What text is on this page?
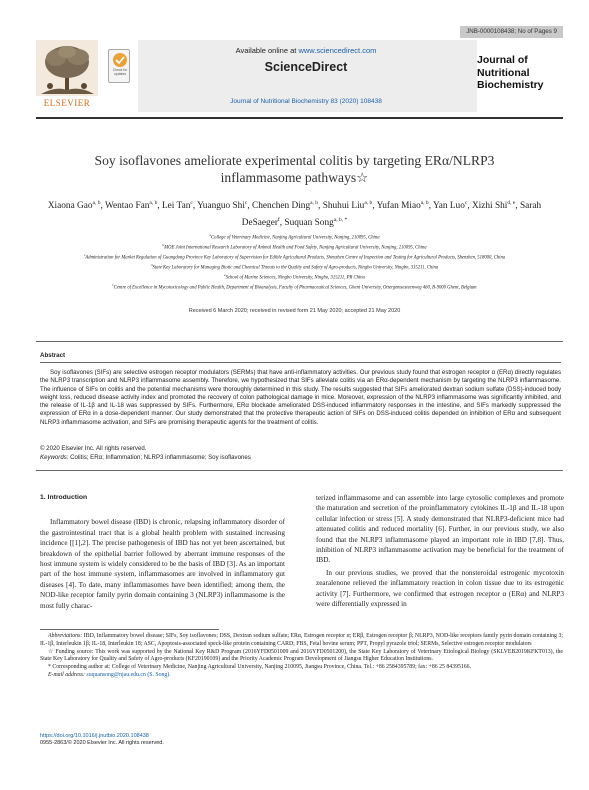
JNB-0000108438; No of Pages 9
ELSEVIER
Check for updates
Available online at www.sciencedirect.com
ScienceDirect
Journal of Nutritional Biochemistry 83 (2020) 108438
Journal of
Nutritional
Biochemistry
Soy isoflavones ameliorate experimental colitis by targeting ERα/NLRP3
inflammasome pathways☆
Xiaona Gao$^{a, b}$, Wentao Fan$^{a, b}$, Lei Tan$^c$, Yuanguo Shi$^c$, Chenchen Ding$^{a, b}$, Shuhui Liu$^{a, b}$, Yufan Miao$^{a, b}$, Yan Luo$^c$, Xizhi Shi$^{d, e}$, Sarah DeSaeger$^f$, Suquan Song$^{a, b, *}$
$^a$College of Veterinary Medicine, Nanjing Agricultural University, Nanjing, 210095, China
$^b$MOE Joint International Research Laboratory of Animal Health and Food Safety, Nanjing Agricultural University, Nanjing, 210095, China
$^c$Administration for Market Regulation of Guangdong Province Key Laboratory of Supervision for Edible Agricultural Products, Shenzhen Centre of Inspection and Testing for Agricultural Products, Shenzhen, 518000, China
$^d$State Key Laboratory for Managing Biotic and Chemical Threats to the Quality and Safety of Agro-products, Ningbo University, Ningbo, 315211, China
$^e$School of Marine Sciences, Ningbo University, Ningbo, 315211, PR China
$^f$Centre of Excellence in Mycotoxicology and Public Health, Department of Bioanalysis, Faculty of Pharmaceutical Sciences, Ghent University, Ottergemsesteenweg 460, B-9000 Ghent, Belgium
Received 6 March 2020; received in revised form 21 May 2020; accepted 21 May 2020
Abstract
Soy isoflavones (SIFs) are selective estrogen receptor modulators (SERMs) that have anti-inflammatory activities. Our previous study found that estrogen receptor α (ERα) directly regulates the NLRP3 transcription and NLRP3 inflammasome assembly. Therefore, we hypothesized that SIFs alleviate colitis via an ERα-dependent mechanism by targeting the NLRP3 inflammasome. The influence of SIFs on colitis and the potential mechanisms were thoroughly determined in this study. The results suggested that SIFs ameliorated dextran sodium sulfate (DSS)-induced body weight loss, reduced disease activity index and promoted the recovery of colon pathological damage in mice. Moreover, expression of the NLRP3 inflammasome was significantly inhibited, and the release of IL-1β and IL-18 was suppressed by SIFs. Furthermore, ERα blockade ameliorated DSS-induced inflammatory responses in the intestine, and SIFs markedly suppressed the expression of ERα in a dose-dependent manner. Our study demonstrated that the protective therapeutic action of SIFs on DSS-induced colitis depended on inhibition of ERα and subsequent NLRP3 inflammasome activation, and SIFs are promising therapeutic agents for the treatment of colitis.
© 2020 Elsevier Inc. All rights reserved.
Keywords: Colitis; ERα; Inflammation; NLRP3 inflammasome; Soy isoflavones
1. Introduction

Inflammatory bowel disease (IBD) is chronic, relapsing inflammatory disorder of the gastrointestinal tract that is a global health problem with sustained increasing incidence [[1],2]. The precise pathogenesis of IBD has not yet been ascertained, but breakdown of the epithelial barrier followed by aberrant immune responses of the host immune system is widely considered to be the basis of IBD [3]. As an important part of the host immune system, inflammasomes are involved in inflammatory gut diseases [4]. To date, many inflammasomes have been identified; among them, the NOD-like receptor family pyrin domain containing 3 (NLRP3) inflammasome is the most fully charac-

terized inflammasome and can assemble into large cytosolic complexes and promote the maturation and secretion of the proinflammatory cytokines IL-1β and IL-18 upon cellular infection or stress [5]. A study demonstrated that NLRP3-deficient mice had attenuated colitis and reduced mortality [6]. Further, in our previous study, we also found that the NLRP3 inflammasome played an important role in IBD [7,8]. Thus, inhibition of NLRP3 inflammasome activation may be beneficial for the treatment of IBD.

In our previous studies, we proved that the nonsteroidal estrogenic mycotoxin zearalenone relieved the inflammatory reaction in colon tissue due to its estrogenic activity [7]. Furthermore, we confirmed that estrogen receptor α (ERα) and NLRP3 were differentially expressed in

Abbreviations: IBD, Inflammatory bowel disease; SIFs, Soy isoflavones; DSS, Dextran sodium sulfate; ERα, Estrogen receptor α; ERβ, Estrogen receptor β; NLRP3, NOD-like receptors family pyrin domain containing 3; IL-1β, Interleukin 1β; IL-18, Interleukin 18; ASC, Apoptosis-associated speck-like protein containing CARD; FBS, Fetal bovine serum; PPT, Propyl pyrazole triol; SERMs, Selective estrogen receptor modulators

☆ Funding source: This work was supported by the National Key R&D Program (2016YFD0501009 and 2016YFD0501200), the State Key Laboratory of Veterinary Etiological Biology (SKLVEB2019KFKT013), the State Key Laboratory for Quality and Safety of Agro-products (KF20190109) and the Priority Academic Program Development of Jiangsu Higher Education Institutions.

* Corresponding author at: College of Veterinary Medicine, Nanjing Agricultural University, Nanjing 210095, Jiangsu Province, China. Tel.: +86 2584395789; fax: +86 25 84395166.

E-mail address: suquansong@njau.edu.cn (S. Song).

https://doi.org/10.1016/j.jnutbio.2020.108438
0955-2863/© 2020 Elsevier Inc. All rights reserved.
